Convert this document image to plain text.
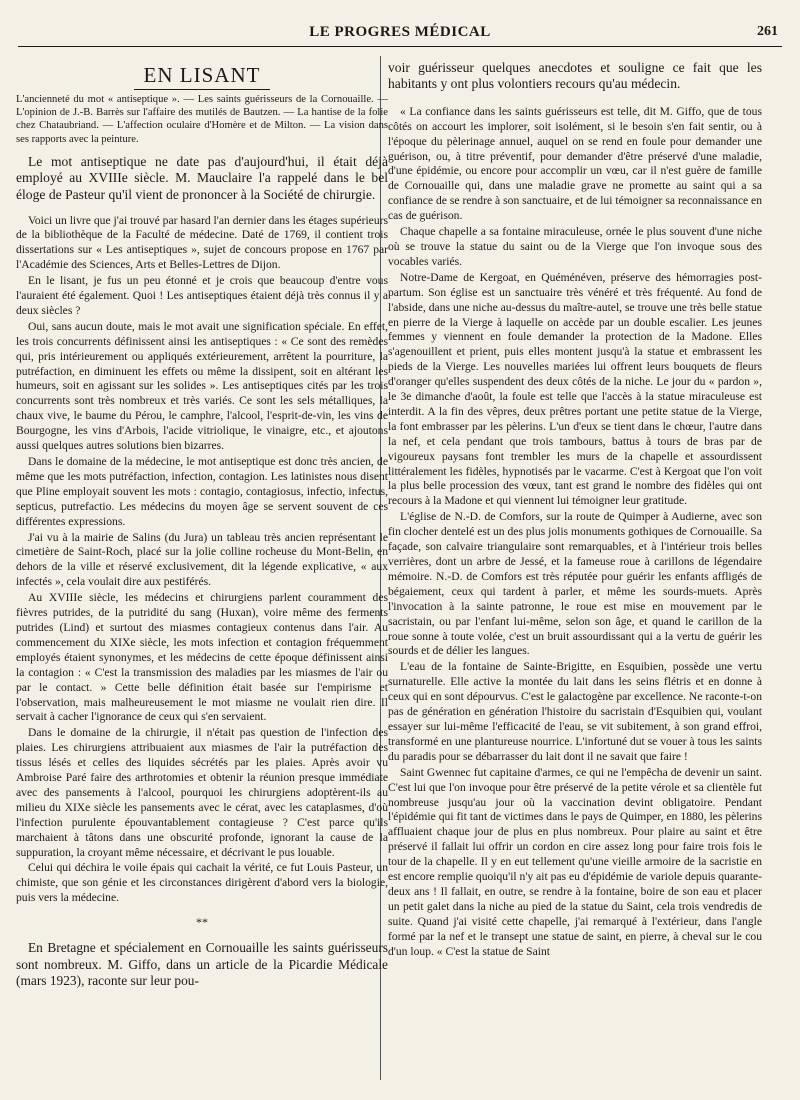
LE PROGRES MÉDICAL	261
EN LISANT
L'ancienneté du mot « antiseptique ». — Les saints guérisseurs de la Cornouaille. — L'opinion de J.-B. Barrès sur l'affaire des mutilés de Bautzen. — La hantise de la folie chez Chataubriand. — L'affection oculaire d'Homère et de Milton. — La vision dans ses rapports avec la peinture.
Le mot antiseptique ne date pas d'aujourd'hui, il était déjà employé au XVIIIe siècle. M. Mauclaire l'a rappelé dans le bel éloge de Pasteur qu'il vient de prononcer à la Société de chirurgie.

Voici un livre que j'ai trouvé par hasard l'an dernier dans les étages supérieurs de la bibliothèque de la Faculté de médecine. Daté de 1769, il contient trois dissertations sur « Les antiseptiques », sujet de concours propose en 1767 par l'Académie des Sciences, Arts et Belles-Lettres de Dijon.

En le lisant, je fus un peu étonné et je crois que beaucoup d'entre vous l'auraient été également. Quoi ! Les antiseptiques étaient déjà très connus il y a deux siècles ?

Oui, sans aucun doute, mais le mot avait une signification spéciale. En effet, les trois concurrents définissent ainsi les antiseptiques : « Ce sont des remèdes qui, pris intérieurement ou appliqués extérieurement, arrêtent la pourriture, la putréfaction, en diminuent les effets ou même la dissipent, soit en altérant les humeurs, soit en agissant sur les solides ». Les antiseptiques cités par les trois concurrents sont très nombreux et très variés. Ce sont les sels métalliques, la chaux vive, le baume du Pérou, le camphre, l'alcool, l'esprit-de-vin, les vins de Bourgogne, les vins d'Arbois, l'acide vitriolique, le vinaigre, etc., et ajoutons aussi quelques autres solutions bien bizarres.

Dans le domaine de la médecine, le mot antiseptique est donc très ancien, de même que les mots putréfaction, infection, contagion. Les latinistes nous disent que Pline employait souvent les mots : contagio, contagiosus, infectio, infectus, septicus, putrefactio. Les médecins du moyen âge se servent souvent de ces différentes expressions.

J'ai vu à la mairie de Salins (du Jura) un tableau très ancien représentant le cimetière de Saint-Roch, placé sur la jolie colline rocheuse du Mont-Belin, en dehors de la ville et réservé exclusivement, dit la légende explicative, « aux infectés », cela voulait dire aux pestiférés.

Au XVIIIe siècle, les médecins et chirurgiens parlent couramment des fièvres putrides, de la putridité du sang (Huxan), voire même des ferments putrides (Lind) et surtout des miasmes contagieux contenus dans l'air. Au commencement du XIXe siècle, les mots infection et contagion fréquemment employés étaient synonymes, et les médecins de cette époque définissent ainsi la contagion : « C'est la transmission des maladies par les miasmes de l'air ou par le contact. » Cette belle définition était basée sur l'empirisme et l'observation, mais malheureusement le mot miasme ne voulait rien dire. Il servait à cacher l'ignorance de ceux qui s'en servaient.

Dans le domaine de la chirurgie, il n'était pas question de l'infection des plaies. Les chirurgiens attribuaient aux miasmes de l'air la putréfaction des tissus lésés et celles des liquides sécrétés par les plaies. Après avoir vu Ambroise Paré faire des arthrotomies et obtenir la réunion presque immédiate avec des pansements à l'alcool, pourquoi les chirurgiens adoptèrent-ils au milieu du XIXe siècle les pansements avec le cérat, avec les cataplasmes, d'où l'infection purulente épouvantablement contagieuse ? C'est parce qu'ils marchaient à tâtons dans une obscurité profonde, ignorant la cause de la suppuration, la croyant même nécessaire, et décrivant le pus louable.

Celui qui déchira le voile épais qui cachait la vérité, ce fut Louis Pasteur, un chimiste, que son génie et les circonstances dirigèrent d'abord vers la biologie, puis vers la médecine.

**

En Bretagne et spécialement en Cornouaille les saints guérisseurs sont nombreux. M. Giffo, dans un article de la Picardie Médicale (mars 1923), raconte sur leur pou-

voir guérisseur quelques anecdotes et souligne ce fait que les habitants y ont plus volontiers recours qu'au médecin.

« La confiance dans les saints guérisseurs est telle, dit M. Giffo, que de tous côtés on accourt les implorer, soit isolément, si le besoin s'en fait sentir, ou à l'époque du pèlerinage annuel, auquel on se rend en foule pour demander une guérison, ou, à titre préventif, pour demander d'être préservé d'une maladie, d'une épidémie, ou encore pour accomplir un vœu, car il n'est guère de famille de Cornouaille qui, dans une maladie grave ne promette au saint qui a sa confiance de se rendre à son sanctuaire, et de lui témoigner sa reconnaissance en cas de guérison.

Chaque chapelle a sa fontaine miraculeuse, ornée le plus souvent d'une niche où se trouve la statue du saint ou de la Vierge que l'on invoque sous des vocables variés.

Notre-Dame de Kergoat, en Quéménéven, préserve des hémorragies post-partum. Son église est un sanctuaire très vénéré et très fréquenté. Au fond de l'abside, dans une niche au-dessus du maître-autel, se trouve une très belle statue en pierre de la Vierge à laquelle on accède par un double escalier. Les jeunes femmes y viennent en foule demander la protection de la Madone. Elles s'agenouillent et prient, puis elles montent jusqu'à la statue et embrassent les pieds de la Vierge. Les nouvelles mariées lui offrent leurs bouquets de fleurs d'oranger qu'elles suspendent des deux côtés de la niche. Le jour du « pardon », le 3e dimanche d'août, la foule est telle que l'accès à la statue miraculeuse est interdit. A la fin des vêpres, deux prêtres portant une petite statue de la Vierge, la font embrasser par les pèlerins. L'un d'eux se tient dans le chœur, l'autre dans la nef, et cela pendant que trois tambours, battus à tours de bras par de vigoureux paysans font trembler les murs de la chapelle et assourdissent littéralement les fidèles, hypnotisés par le vacarme. C'est à Kergoat que l'on voit la plus belle procession des vœux, tant est grand le nombre des fidèles qui ont recours à la Madone et qui viennent lui témoigner leur gratitude.

L'église de N.-D. de Comfors, sur la route de Quimper à Audierne, avec son fin clocher dentelé est un des plus jolis monuments gothiques de Cornouaille. Sa façade, son calvaire triangulaire sont remarquables, et à l'intérieur trois belles verrières, dont un arbre de Jessé, et la fameuse roue à carillons de légendaire mémoire. N.-D. de Comfors est très réputée pour guérir les enfants affligés de bégaiement, ceux qui tardent à parler, et même les sourds-muets. Après l'invocation à la sainte patronne, le roue est mise en mouvement par le sacristain, ou par l'enfant lui-même, selon son âge, et quand le carillon de la roue sonne à toute volée, c'est un bruit assourdissant qui a la vertu de guérir les sourds et de délier les langues.

L'eau de la fontaine de Sainte-Brigitte, en Esquibien, possède une vertu surnaturelle. Elle active la montée du lait dans les seins flétris et en donne à ceux qui en sont dépourvus. C'est le galactogène par excellence. Ne raconte-t-on pas de génération en génération l'histoire du sacristain d'Esquibien qui, voulant essayer sur lui-même l'efficacité de l'eau, se vit subitement, à son grand effroi, transformé en une plantureuse nourrice. L'infortuné dut se vouer à tous les saints du paradis pour se débarrasser du lait dont il ne savait que faire !

Saint Gwennec fut capitaine d'armes, ce qui ne l'empêcha de devenir un saint. C'est lui que l'on invoque pour être préservé de la petite vérole et sa clientèle fut nombreuse jusqu'au jour où la vaccination devint obligatoire. Pendant l'épidémie qui fit tant de victimes dans le pays de Quimper, en 1880, les pèlerins affluaient chaque jour de plus en plus nombreux. Pour plaire au saint et être préservé il fallait lui offrir un cordon en cire assez long pour faire trois fois le tour de la chapelle. Il y en eut tellement qu'une vieille armoire de la sacristie en est encore remplie quoiqu'il n'y ait pas eu d'épidémie de variole depuis quarante-deux ans ! Il fallait, en outre, se rendre à la fontaine, boire de son eau et placer un petit galet dans la niche au pied de la statue du Saint, cela trois vendredis de suite. Quand j'ai visité cette chapelle, j'ai remarqué à l'extérieur, dans l'angle formé par la nef et le transept une statue de saint, en pierre, à cheval sur le cou d'un loup. « C'est la statue de Saint
